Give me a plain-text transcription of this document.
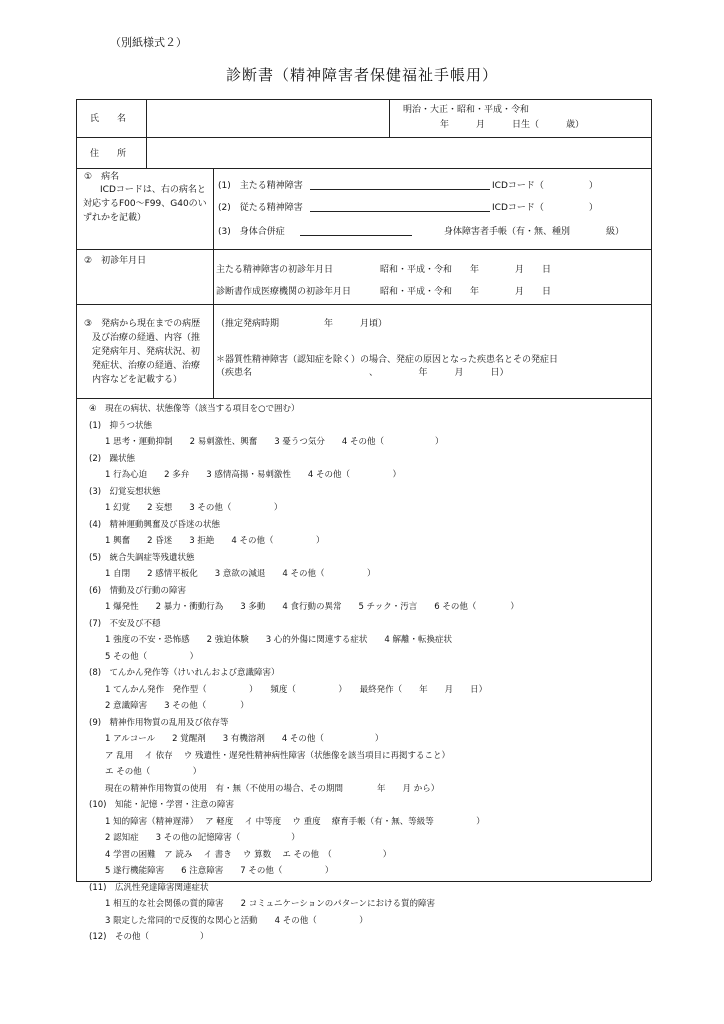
（別紙様式２）
診断書（精神障害者保健福祉手帳用）
氏　　名
明治・大正・昭和・平成・令和
年　　　月　　　日生（　　　歳）
住　　所
①　病名
ICDコードは、右の病名と
対応するF00～F99、G40のい
ずれかを記載）
(1)　主たる精神障害	ICDコード（　　　　　）
(2)　従たる精神障害	ICDコード（　　　　　）
(3)　身体合併症	身体障害者手帳（有・無、種別　　　　級）
②　初診年月日
主たる精神障害の初診年月日	昭和・平成・令和　　年　　　　月　　日
診断書作成医療機関の初診年月日	昭和・平成・令和　　年　　　　月　　日
③　発病から現在までの病歴
及び治療の経過、内容（推
定発病年月、発病状況、初
発症状、治療の経過、治療
内容などを記載する）
（推定発病時期　　　　　年　　　月頃）
＊器質性精神障害（認知症を除く）の場合、発症の原因となった疾患名とその発症日
（疾患名　　　　　　　　　　　　　、　　　　　年　　　月　　　日）
④　現在の病状、状態像等（該当する項目を○で囲む）
(1)　抑うつ状態
1 思考・運動抑制　　2 易刺激性、興奮　　3 憂うつ気分　　4 その他（　　　　　　）
(2)　躁状態
1 行為心迫　　2 多弁　　3 感情高揚・易刺激性　　4 その他（　　　　　）
(3)　幻覚妄想状態
1 幻覚　　2 妄想　　3 その他（　　　　　）
(4)　精神運動興奮及び昏迷の状態
1 興奮　　2 昏迷　　3 拒絶　　4 その他（　　　　　）
(5)　統合失調症等残遺状態
1 自閉　　2 感情平板化　　3 意欲の減退　　4 その他（　　　　　）
(6)　情動及び行動の障害
1 爆発性　　2 暴力・衝動行為　　3 多動　　4 食行動の異常　　5 チック・汚言　　6 その他（　　　　）
(7)　不安及び不穏
1 強度の不安・恐怖感　　2 強迫体験　　3 心的外傷に関連する症状　　4 解離・転換症状
5 その他（　　　　　）
(8)　てんかん発作等（けいれんおよび意識障害）
1 てんかん発作　発作型（　　　　　）　　頻度（　　　　　）　　最終発作（　　年　　月　　日）
2 意識障害　　3 その他（　　　　）
(9)　精神作用物質の乱用及び依存等
1 アルコール　　2 覚醒剤　　3 有機溶剤　　4 その他（　　　　　　）
ア 乱用　 イ 依存　 ウ 残遺性・遅発性精神病性障害（状態像を該当項目に再掲すること）
エ その他（　　　　　）
現在の精神作用物質の使用　有・無（不使用の場合、その期間　　　　年　　月 から）
(10)　知能・記憶・学習・注意の障害
1 知的障害（精神遅滞）　 ア 軽度　 イ 中等度　 ウ 重度　 療育手帳（有・無、等級等　　　　　）
2 認知症　　3 その他の記憶障害（　　　　　　）
4 学習の困難　ア 読み　 イ 書き　 ウ 算数　 エ その他　（　　　　　　）
5 遂行機能障害　　6 注意障害　　7 その他（　　　　　）
(11)　広汎性発達障害関連症状
1 相互的な社会関係の質的障害　　2 コミュニケーションのパターンにおける質的障害
3 限定した常同的で反復的な関心と活動　　4 その他（　　　　　）
(12)　その他（　　　　　　）
